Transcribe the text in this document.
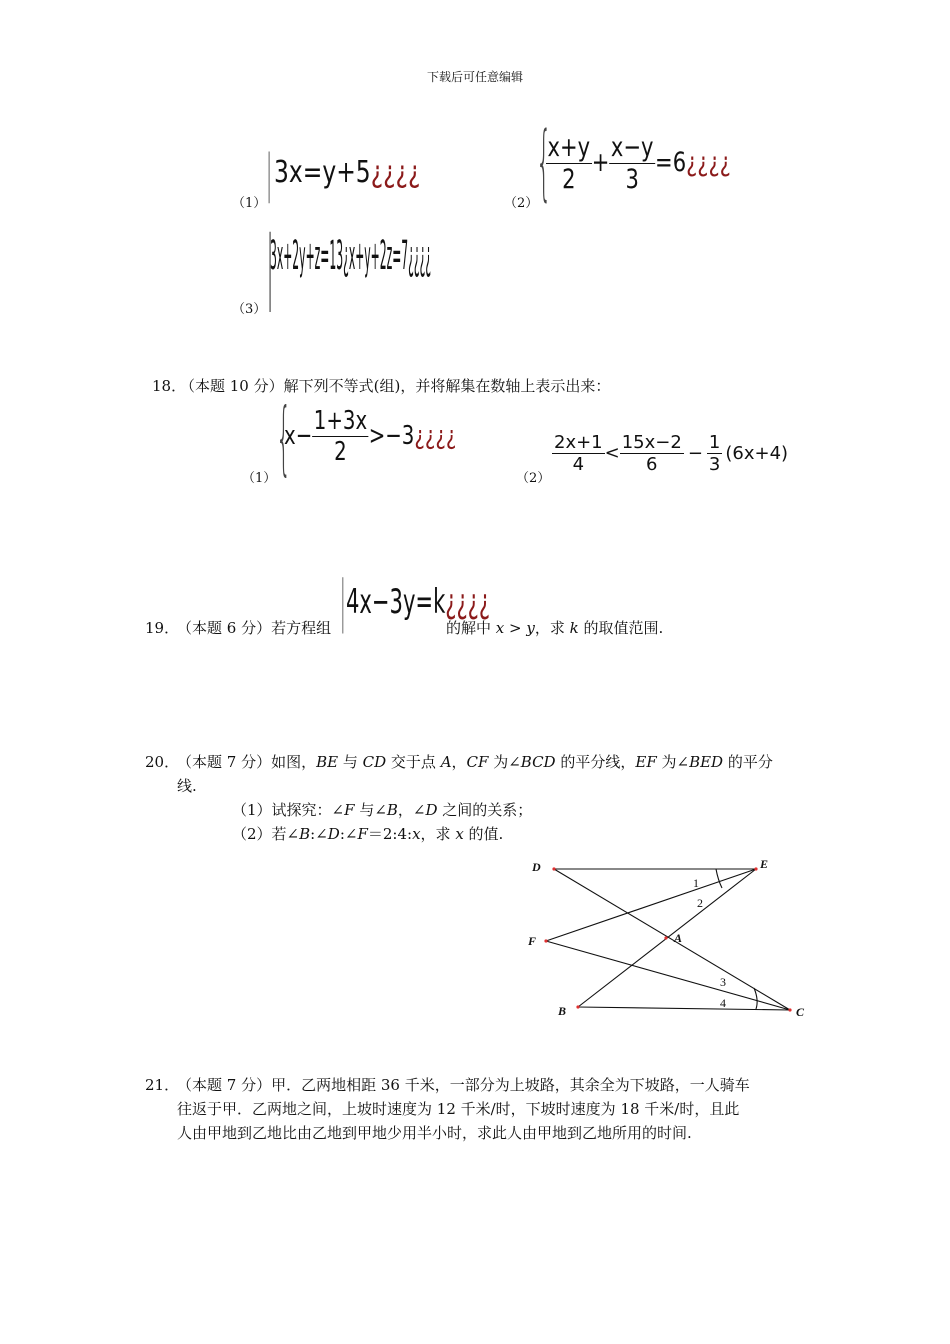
下载后可任意编辑
（1） | 3x=y+5¿¿¿¿
（2）
{
$\frac{x+y}{2} + \frac{x-y}{3}$ =6¿¿¿¿
（3） |
3x+2y+z=13¿x+y+2z=7¿¿¿¿
18．
（本题 10 分）解下列不等式(组)，并将解集在数轴上表示出来：
（1） {
$x- \frac{1+3x}{2}$ >−3¿¿¿¿
（2）
$\frac{2x+1}{4} < \frac{15x-2}{6} - \frac{1}{3} (6x+4)$
19．
（本题 6 分）若方程组 | 4x−3y=k¿¿¿¿
的解中 x > y，求 k 的取值范围.
20．
（本题 7 分）如图，BE 与 CD 交于点 A，CF 为∠BCD 的平分线，EF 为∠BED 的平分
线.
（1）试探究：∠F 与∠B，∠D 之间的关系；
（2）若∠B:∠D:∠F＝2:4:x，求 x 的值.
D	E
F	A
B	C
1
2
3
4
21．
（本题 7 分）甲．乙两地相距 36 千米，一部分为上坡路，其余全为下坡路，一人骑车
往返于甲．乙两地之间，上坡时速度为 12 千米/时，下坡时速度为 18 千米/时，且此
人由甲地到乙地比由乙地到甲地少用半小时，求此人由甲地到乙地所用的时间.
